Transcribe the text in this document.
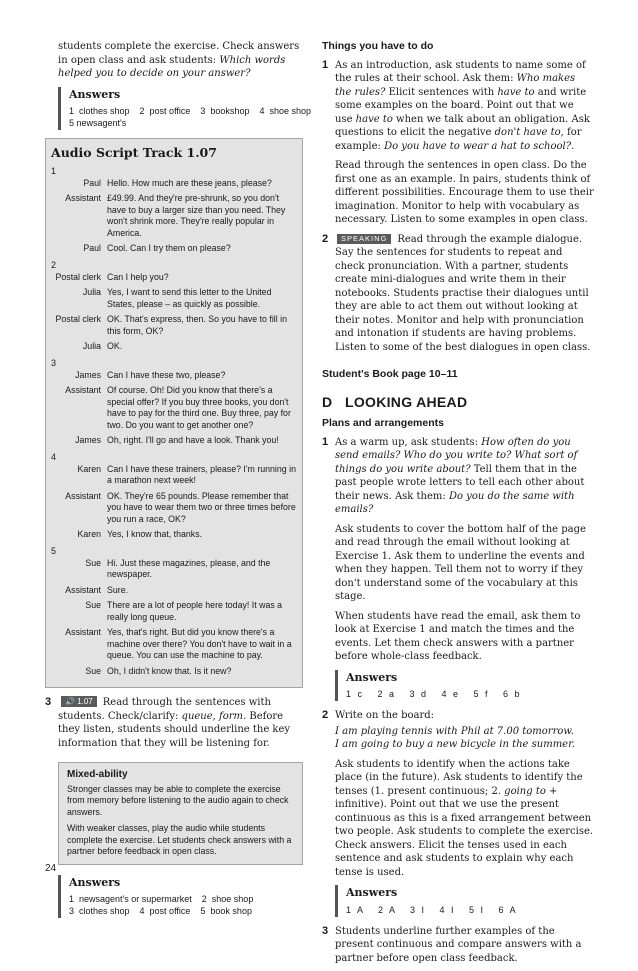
students complete the exercise. Check answers in open class and ask students: Which words helped you to decide on your answer?

Answers
1  clothes shop    2  post office    3  bookshop    4  shoe shop
5 newsagent's
Audio Script Track 1.07
1
Paul Hello. How much are these jeans, please?
Assistant £49.99. And they're pre-shrunk, so you don't have to buy a larger size than you need. They won't shrink more. They're really popular in America.
Paul Cool. Can I try them on please?
2
Postal clerk Can I help you?
Julia Yes, I want to send this letter to the United States, please – as quickly as possible.
Postal clerk OK. That's express, then. So you have to fill in this form, OK?
Julia OK.
3
James Can I have these two, please?
Assistant Of course. Oh! Did you know that there's a special offer? If you buy three books, you don't have to pay for the third one. Buy three, pay for two. Do you want to get another one?
James Oh, right. I'll go and have a look. Thank you!
4
Karen Can I have these trainers, please? I'm running in a marathon next week!
Assistant OK. They're 65 pounds. Please remember that you have to wear them two or three times before you run a race, OK?
Karen Yes, I know that, thanks.
5
Sue Hi. Just these magazines, please, and the newspaper.
Assistant Sure.
Sue There are a lot of people here today! It was a really long queue.
Assistant Yes, that's right. But did you know there's a machine over there? You don't have to wait in a queue. You can use the machine to pay.
Sue Oh, I didn't know that. Is it new?

3 🔊 1.07 Read through the sentences with students. Check/clarify: queue, form. Before they listen, students should underline the key information that they will be listening for.

Mixed-ability

Stronger classes may be able to complete the exercise from memory before listening to the audio again to check answers.

With weaker classes, play the audio while students complete the exercise. Let students check answers with a partner before feedback in open class.

Answers
1  newsagent's or supermarket    2  shoe shop
3  clothes shop    4  post office    5  book shop
24
Things you have to do
1 As an introduction, ask students to name some of the rules at their school. Ask them: Who makes the rules? Elicit sentences with have to and write some examples on the board. Point out that we use have to when we talk about an obligation. Ask questions to elicit the negative don't have to, for example: Do you have to wear a hat to school?.

Read through the sentences in open class. Do the first one as an example. In pairs, students think of different possibilities. Encourage them to use their imagination. Monitor to help with vocabulary as necessary. Listen to some examples in open class.

2	SPEAKING Read through the example dialogue. Say the sentences for students to repeat and check pronunciation. With a partner, students create mini-dialogues and write them in their notebooks. Students practise their dialogues until they are able to act them out without looking at their notes. Monitor and help with pronunciation and intonation if students are having problems. Listen to some of the best dialogues in open class.

Student's Book page 10–11
D   LOOKING AHEAD
Plans and arrangements
1 As a warm up, ask students: How often do you send emails? Who do you write to? What sort of things do you write about? Tell them that in the past people wrote letters to tell each other about their news. Ask them: Do you do the same with emails?

Ask students to cover the bottom half of the page and read through the email without looking at Exercise 1. Ask them to underline the events and when they happen. Tell them not to worry if they don't understand some of the vocabulary at this stage.

When students have read the email, ask them to look at Exercise 1 and match the times and the events. Let them check answers with a partner before whole-class feedback.

Answers
1 c   2 a   3 d   4 e   5 f   6 b
2 Write on the board:

I am playing tennis with Phil at 7.00 tomorrow.

I am going to buy a new bicycle in the summer.

Ask students to identify when the actions take place (in the future). Ask students to identify the tenses (1. present continuous; 2. going to + infinitive). Point out that we use the present continuous as this is a fixed arrangement between two people. Ask students to complete the exercise. Check answers. Elicit the tenses used in each sentence and ask students to explain why each tense is used.

Answers
1 A   2 A   3 I   4 I   5 I   6 A
3 Students underline further examples of the present continuous and compare answers with a partner before open class feedback.
